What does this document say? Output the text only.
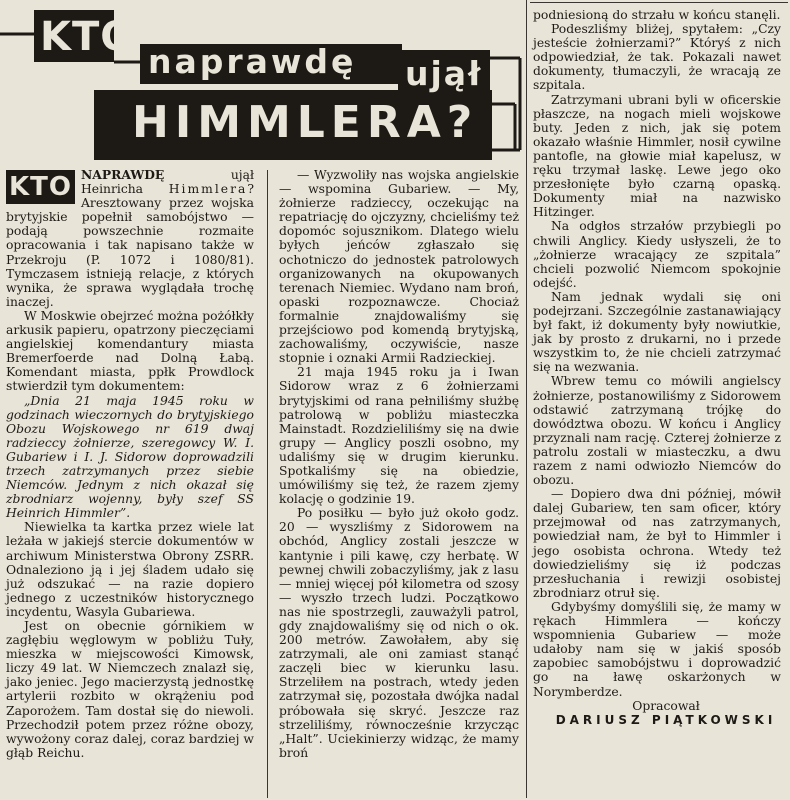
KTO
naprawdę ujął
HIMMLERA?

KTO NAPRAWDĘ ujął Heinricha Himmlera? Aresztowany przez wojska brytyjskie popełnił samobójstwo — podają powszechnie rozmaite opracowania i tak napisano także w Przekroju (P. 1072 i 1080/81). Tymczasem istnieją relacje, z których wynika, że sprawa wyglądała trochę inaczej.

W Moskwie obejrzeć można pożółkły arkusik papieru, opatrzony pieczęciami angielskiej komendantury miasta Bremerfoerde nad Dolną Łabą. Komendant miasta, ppłk Prowdlock stwierdził tym dokumentem:

„Dnia 21 maja 1945 roku w godzinach wieczornych do brytyjskiego Obozu Wojskowego nr 619 dwaj radzieccy żołnierze, szeregowcy W. I. Gubariew i I. J. Sidorow doprowadzili trzech zatrzymanych przez siebie Niemców. Jednym z nich okazał się zbrodniarz wojenny, były szef SS Heinrich Himmler”.

Niewielka ta kartka przez wiele lat leżała w jakiejś stercie dokumentów w archiwum Ministerstwa Obrony ZSRR. Odnaleziono ją i jej śladem udało się już odszukać — na razie dopiero jednego z uczestników historycznego incydentu, Wasyla Gubariewa.

Jest on obecnie górnikiem w zagłębiu węglowym w pobliżu Tuły, mieszka w miejscowości Kimowsk, liczy 49 lat. W Niemczech znalazł się, jako jeniec. Jego macierzystą jednostkę artylerii rozbito w okrążeniu pod Zaporożem. Tam dostał się do niewoli. Przechodził potem przez różne obozy, wywożony coraz dalej, coraz bardziej w głąb Reichu.

— Wyzwoliły nas wojska angielskie — wspomina Gubariew. — My, żołnierze radzieccy, oczekując na repatriację do ojczyzny, chcieliśmy też dopomóc sojusznikom. Dlatego wielu byłych jeńców zgłaszało się ochotniczo do jednostek patrolowych organizowanych na okupowanych terenach Niemiec. Wydano nam broń, opaski rozpoznawcze. Chociaż formalnie znajdowaliśmy się przejściowo pod komendą brytyjską, zachowaliśmy, oczywiście, nasze stopnie i oznaki Armii Radzieckiej.

21 maja 1945 roku ja i Iwan Sidorow wraz z 6 żołnierzami brytyjskimi od rana pełniliśmy służbę patrolową w pobliżu miasteczka Mainstadt. Rozdzieliliśmy się na dwie grupy — Anglicy poszli osobno, my udaliśmy się w drugim kierunku. Spotkaliśmy się na obiedzie, umówiliśmy się też, że razem zjemy kolację o godzinie 19.

Po posiłku — było już około godz. 20 — wyszliśmy z Sidorowem na obchód, Anglicy zostali jeszcze w kantynie i pili kawę, czy herbatę. W pewnej chwili zobaczyliśmy, jak z lasu — mniej więcej pół kilometra od szosy — wyszło trzech ludzi. Początkowo nas nie spostrzegli, zauważyli patrol, gdy znajdowaliśmy się od nich o ok. 200 metrów. Zawołałem, aby się zatrzymali, ale oni zamiast stanąć zaczęli biec w kierunku lasu. Strzeliłem na postrach, wtedy jeden zatrzymał się, pozostała dwójka nadal próbowała się skryć. Jeszcze raz strzeliliśmy, równocześnie krzycząc „Halt”. Uciekinierzy widząc, że mamy broń

podniesioną do strzału w końcu stanęli.

Podeszliśmy bliżej, spytałem: „Czy jesteście żołnierzami?” Któryś z nich odpowiedział, że tak. Pokazali nawet dokumenty, tłumaczyli, że wracają ze szpitala.

Zatrzymani ubrani byli w oficerskie płaszcze, na nogach mieli wojskowe buty. Jeden z nich, jak się potem okazało właśnie Himmler, nosił cywilne pantofle, na głowie miał kapelusz, w ręku trzymał laskę. Lewe jego oko przesłonięte było czarną opaską. Dokumenty miał na nazwisko Hitzinger.

Na odgłos strzałów przybiegli po chwili Anglicy. Kiedy usłyszeli, że to „żołnierze wracający ze szpitala” chcieli pozwolić Niemcom spokojnie odejść.

Nam jednak wydali się oni podejrzani. Szczególnie zastanawiający był fakt, iż dokumenty były nowiutkie, jak by prosto z drukarni, no i przede wszystkim to, że nie chcieli zatrzymać się na wezwania.

Wbrew temu co mówili angielscy żołnierze, postanowiliśmy z Sidorowem odstawić zatrzymaną trójkę do dowództwa obozu. W końcu i Anglicy przyznali nam rację. Czterej żołnierze z patrolu zostali w miasteczku, a dwu razem z nami odwiozło Niemców do obozu.

— Dopiero dwa dni później, mówił dalej Gubariew, ten sam oficer, który przejmował od nas zatrzymanych, powiedział nam, że był to Himmler i jego osobista ochrona. Wtedy też dowiedzieliśmy się iż podczas przesłuchania i rewizji osobistej zbrodniarz otruł się.

Gdybyśmy domyślili się, że mamy w rękach Himmlera — kończy wspomnienia Gubariew — może udałoby nam się w jakiś sposób zapobiec samobójstwu i doprowadzić go na ławę oskarżonych w Norymberdze.

Opracował

DARIUSZ PIĄTKOWSKI
